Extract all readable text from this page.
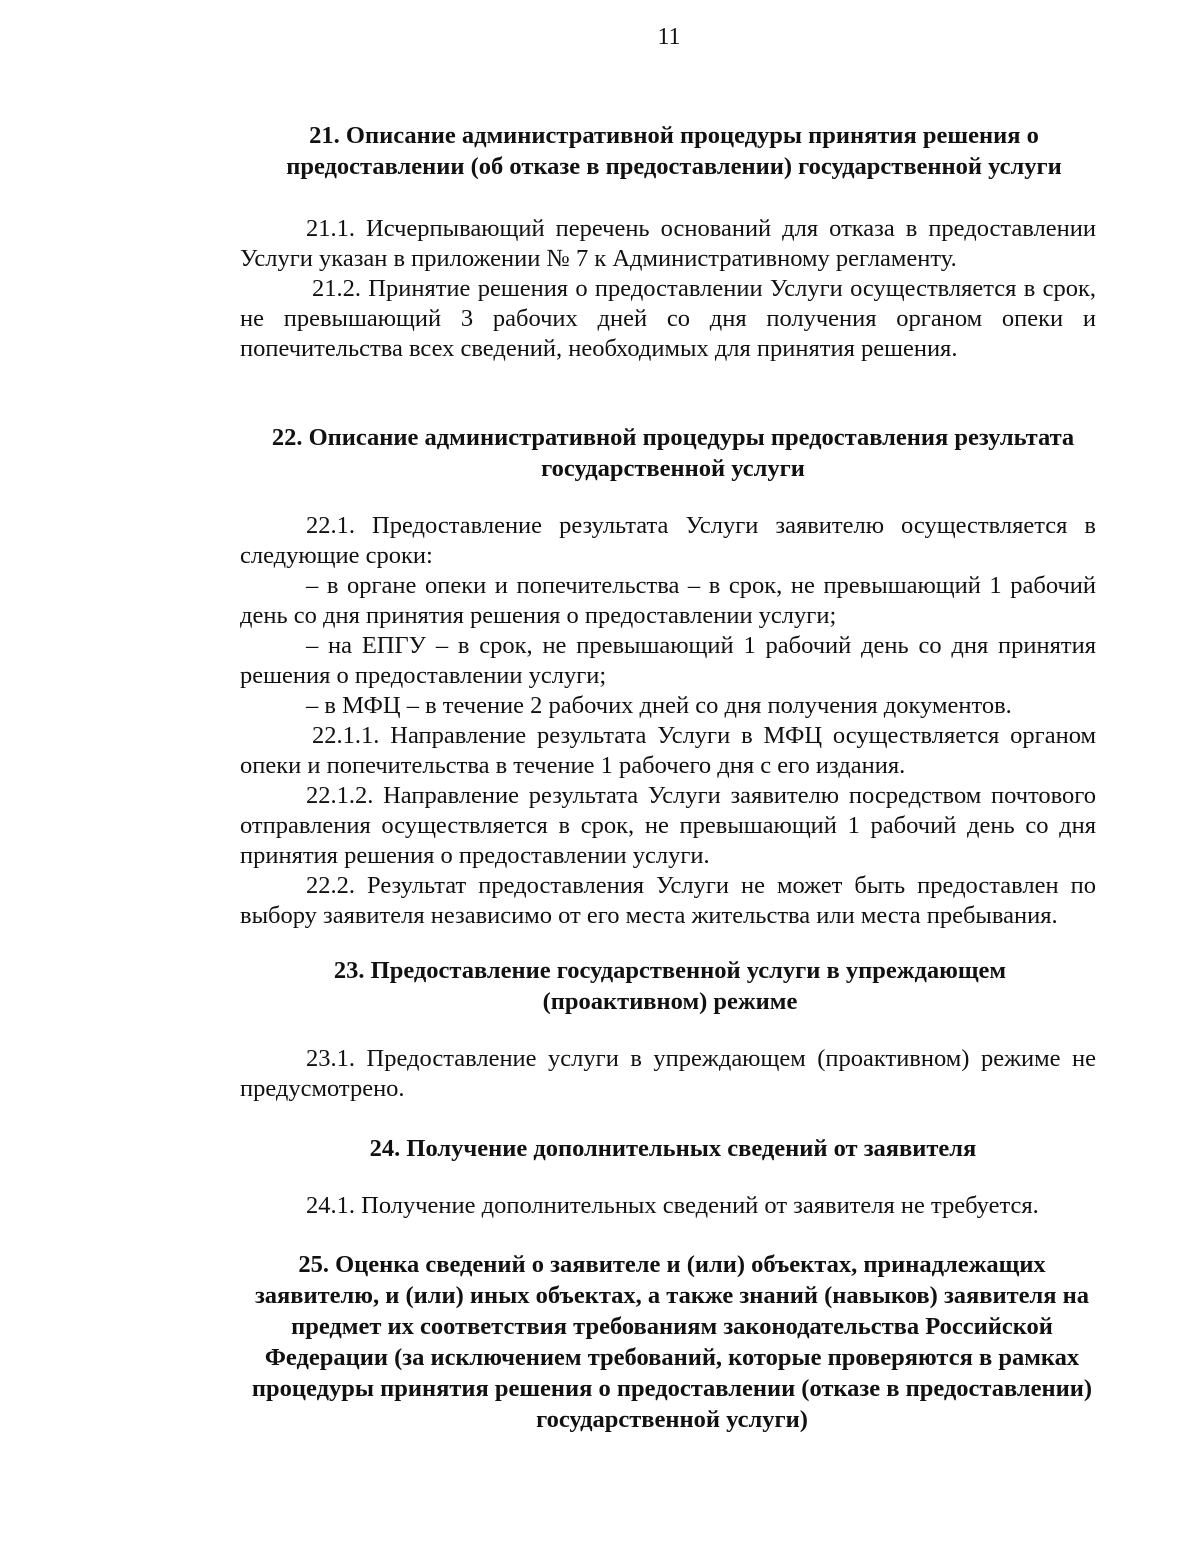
11
21. Описание административной процедуры принятия решения о предоставлении (об отказе в предоставлении) государственной услуги

21.1. Исчерпывающий перечень оснований для отказа в предоставлении Услуги указан в приложении № 7 к Административному регламенту.

21.2. Принятие решения о предоставлении Услуги осуществляется в срок, не превышающий 3 рабочих дней со дня получения органом опеки и попечительства всех сведений, необходимых для принятия решения.

22. Описание административной процедуры предоставления результата государственной услуги

22.1. Предоставление результата Услуги заявителю осуществляется в следующие сроки:

– в органе опеки и попечительства – в срок, не превышающий 1 рабочий день со дня принятия решения о предоставлении услуги;

– на ЕПГУ – в срок, не превышающий 1 рабочий день со дня принятия решения о предоставлении услуги;

– в МФЦ – в течение 2 рабочих дней со дня получения документов.

22.1.1. Направление результата Услуги в МФЦ осуществляется органом опеки и попечительства в течение 1 рабочего дня с его издания.

22.1.2. Направление результата Услуги заявителю посредством почтового отправления осуществляется в срок, не превышающий 1 рабочий день со дня принятия решения о предоставлении услуги.

22.2. Результат предоставления Услуги не может быть предоставлен по выбору заявителя независимо от его места жительства или места пребывания.

23. Предоставление государственной услуги в упреждающем (проактивном) режиме

23.1. Предоставление услуги в упреждающем (проактивном) режиме не предусмотрено.

24. Получение дополнительных сведений от заявителя

24.1. Получение дополнительных сведений от заявителя не требуется.

25. Оценка сведений о заявителе и (или) объектах, принадлежащих заявителю, и (или) иных объектах, а также знаний (навыков) заявителя на предмет их соответствия требованиям законодательства Российской Федерации (за исключением требований, которые проверяются в рамках процедуры принятия решения о предоставлении (отказе в предоставлении) государственной услуги)
